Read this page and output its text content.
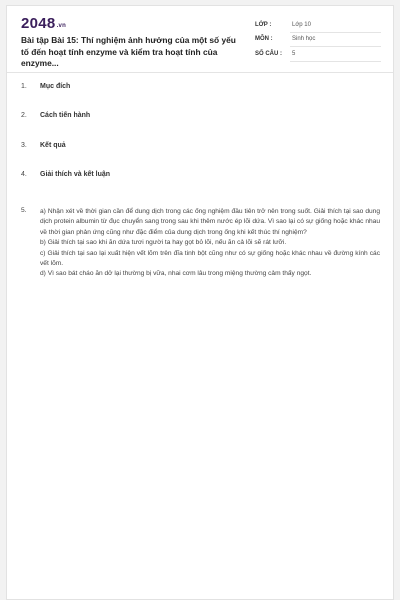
2048.vn
Bài tập Bài 15: Thí nghiệm ảnh hưởng của một số yếu tố đến hoạt tính enzyme và kiểm tra hoạt tính của enzyme...
LỚP :	Lớp 10
MÔN :	Sinh học
SỐ CÂU : 5
1.	Mục đích
2.	Cách tiến hành
3.	Kết quả
4.	Giải thích và kết luận
5. a) Nhận xét về thời gian cần để dung dịch trong các ống nghiệm đầu tiên trở nên trong suốt. Giải thích tại sao dung dịch protein albumin từ đục chuyển sang trong sau khi thêm nước ép lõi dứa. Vì sao lại có sự giống hoặc khác nhau về thời gian phản ứng cũng như đặc điểm của dung dịch trong ống khi kết thúc thí nghiệm?

b) Giải thích tại sao khi ăn dứa tươi người ta hay gọt bỏ lõi, nếu ăn cả lõi sẽ rát lưỡi.

c) Giải thích tại sao lại xuất hiện vết lõm trên đĩa tinh bột cũng như có sự giống hoặc khác nhau về đường kính các vết lõm.

d) Vì sao bát cháo ăn dở lại thường bị vữa, nhai cơm lâu trong miệng thường cảm thấy ngọt.
